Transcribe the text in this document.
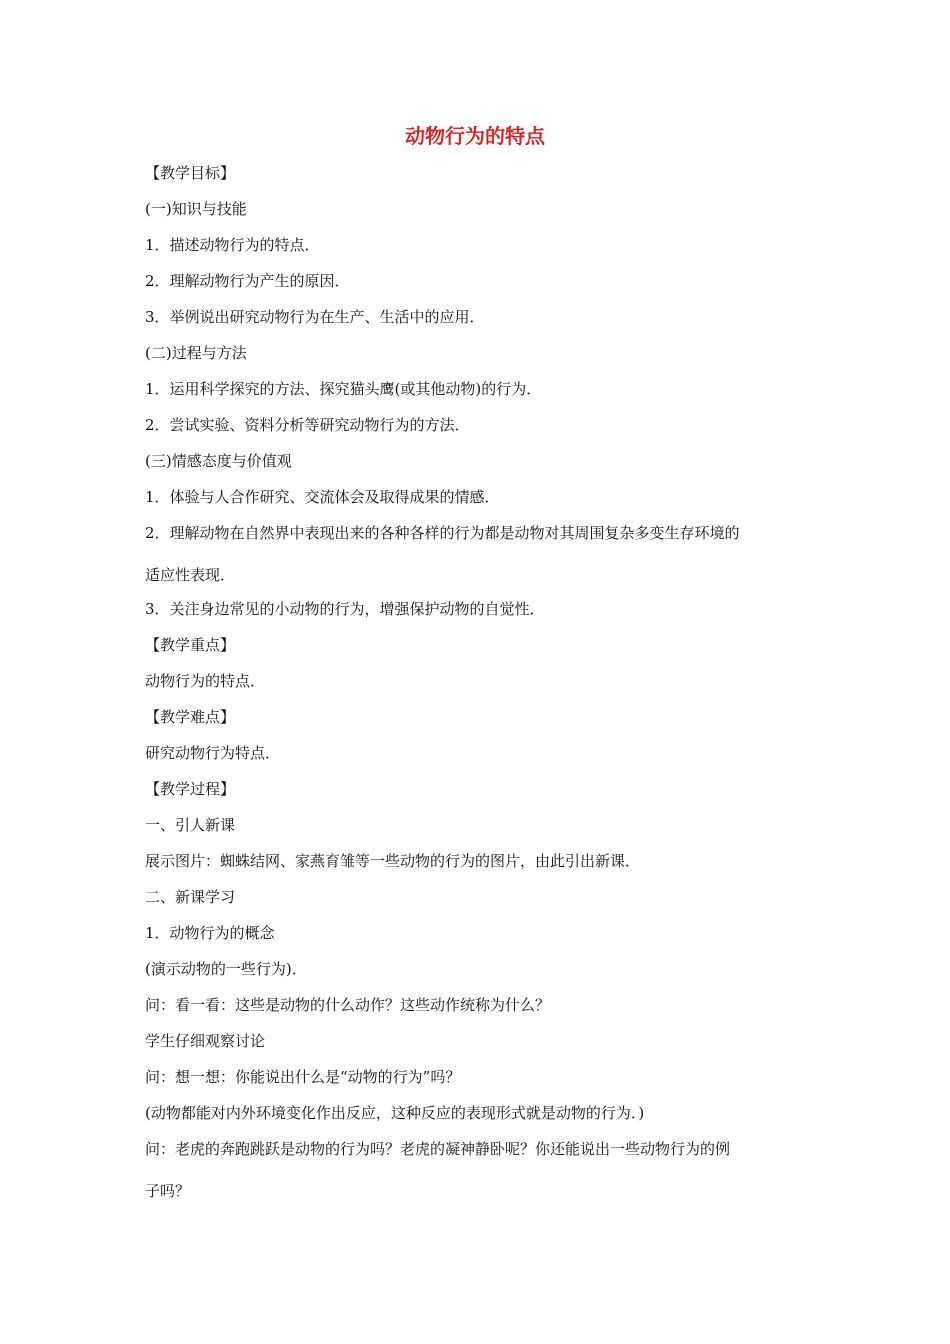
动物行为的特点
【教学目标】
(一)知识与技能
1．描述动物行为的特点．
2．理解动物行为产生的原因．
3．举例说出研究动物行为在生产、生活中的应用．
(二)过程与方法
1．运用科学探究的方法、探究猫头鹰(或其他动物)的行为．
2．尝试实验、资料分析等研究动物行为的方法．
(三)情感态度与价值观
1．体验与人合作研究、交流体会及取得成果的情感．
2．理解动物在自然界中表现出来的各种各样的行为都是动物对其周围复杂多变生存环境的
适应性表现．
3．关注身边常见的小动物的行为，增强保护动物的自觉性．
【教学重点】
动物行为的特点．
【教学难点】
研究动物行为特点．
【教学过程】
一、引人新课
展示图片：蜘蛛结网、家燕育雏等一些动物的行为的图片，由此引出新课．
二、新课学习
1．动物行为的概念
(演示动物的一些行为)．
问：看一看：这些是动物的什么动作？这些动作统称为什么？
学生仔细观察讨论
问：想一想：你能说出什么是“动物的行为”吗？
(动物都能对内外环境变化作出反应，这种反应的表现形式就是动物的行为．)
问：老虎的奔跑跳跃是动物的行为吗？老虎的凝神静卧呢？你还能说出一些动物行为的例
子吗？
